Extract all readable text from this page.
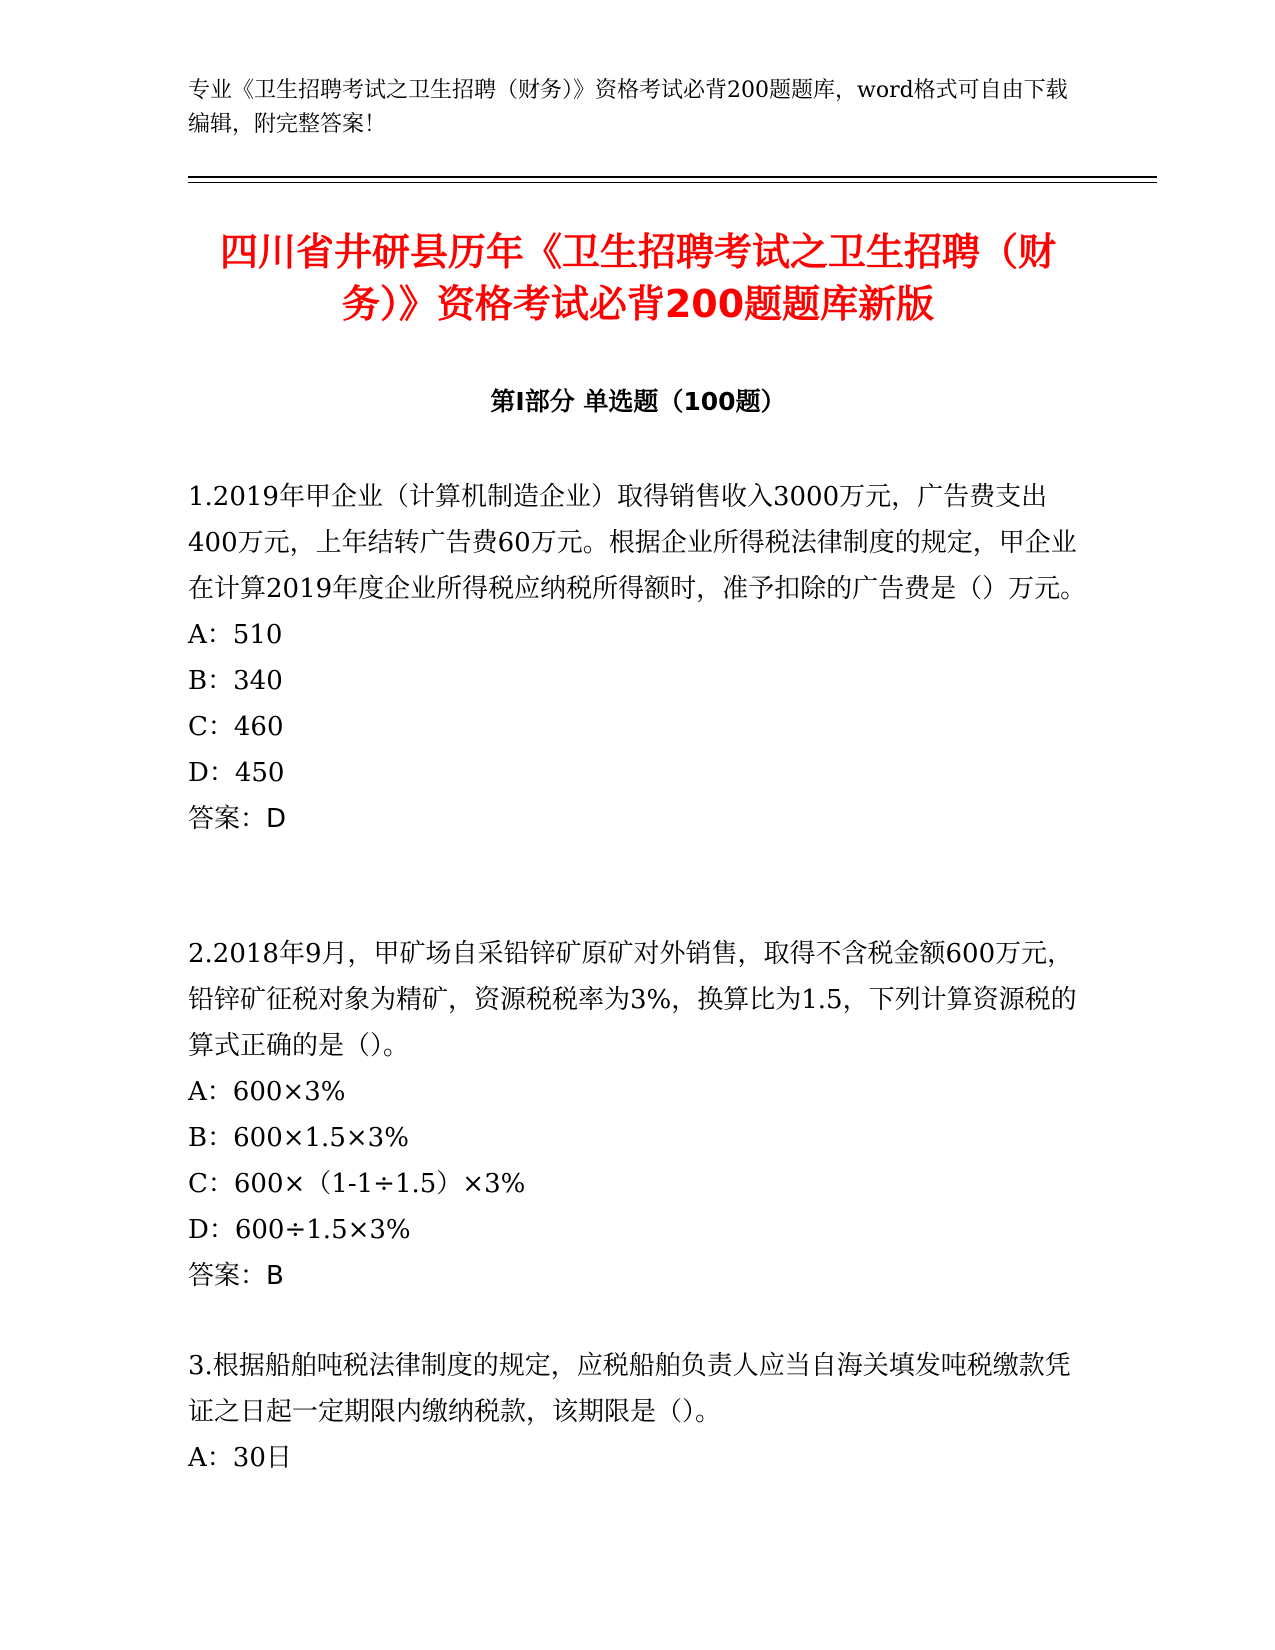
专业《卫生招聘考试之卫生招聘（财务）》资格考试必背200题题库，word格式可自由下载编辑，附完整答案！
四川省井研县历年《卫生招聘考试之卫生招聘（财务）》资格考试必背200题题库新版
第Ⅰ部分 单选题（100题）

1.2019年甲企业（计算机制造企业）取得销售收入3000万元，广告费支出400万元，上年结转广告费60万元。根据企业所得税法律制度的规定，甲企业在计算2019年度企业所得税应纳税所得额时，准予扣除的广告费是（）万元。

A：510

B：340

C：460

D：450

答案：D

2.2018年9月，甲矿场自采铅锌矿原矿对外销售，取得不含税金额600万元，铅锌矿征税对象为精矿，资源税税率为3%，换算比为1.5，下列计算资源税的算式正确的是（）。

A：600×3%

B：600×1.5×3%

C：600×（1-1÷1.5）×3%

D：600÷1.5×3%

答案：B

3.根据船舶吨税法律制度的规定，应税船舶负责人应当自海关填发吨税缴款凭证之日起一定期限内缴纳税款，该期限是（）。

A：30日
